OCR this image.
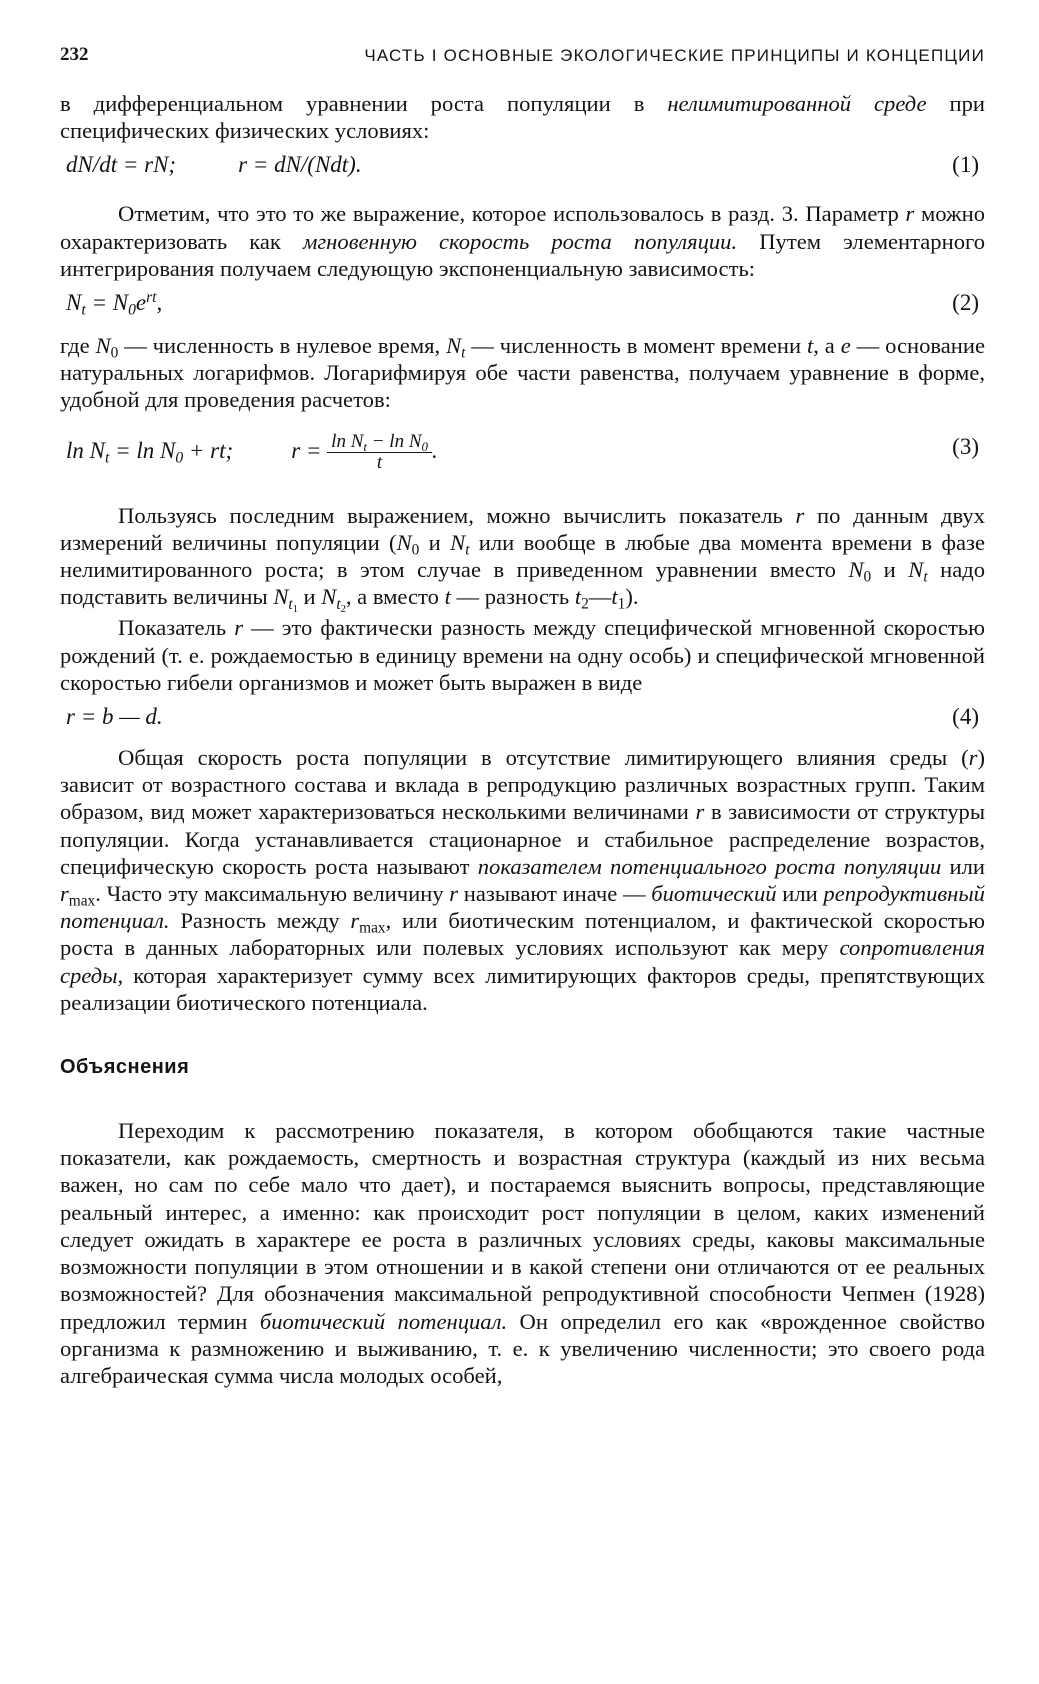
232	ЧАСТЬ I ОСНОВНЫЕ ЭКОЛОГИЧЕСКИЕ ПРИНЦИПЫ И КОНЦЕПЦИИ

в дифференциальном уравнении роста популяции в нелимитированной среде при специфических физических условиях:

dN/dt = rN;	r = dN/(Ndt).	(1)

Отметим, что это то же выражение, которое использовалось в разд. 3. Параметр r можно охарактеризовать как мгновенную скорость роста популяции. Путем элементарного интегрирования получаем следующую экспоненциальную зависимость:

$N_t = N_0e^{rt}$,	(2)

где $N_0$ — численность в нулевое время, $N_t$ — численность в момент времени t, а e — основание натуральных логарифмов. Логарифмируя обе части равенства, получаем уравнение в форме, удобной для проведения расчетов:

$\ln N_t = \ln N_0$ + rt;	$r = \frac{\ln N_t - \ln N_0}{t}$ .	(3)

Пользуясь последним выражением, можно вычислить показатель r по данным двух измерений величины популяции ($N_0$ и $N_t$ или вообще в любые два момента времени в фазе нелимитированного роста; в этом случае в приведенном уравнении вместо $N_0$ и $N_t$ надо подставить величины $N_{t_1}$ и $N_{t_2}$, а вместо t — разность $t_2—t_1$).

Показатель r — это фактически разность между специфической мгновенной скоростью рождений (т. е. рождаемостью в единицу времени на одну особь) и специфической мгновенной скоростью гибели организмов и может быть выражен в виде

r = b — d.	(4)

Общая скорость роста популяции в отсутствие лимитирующего влияния среды (r) зависит от возрастного состава и вклада в репродукцию различных возрастных групп. Таким образом, вид может характеризоваться несколькими величинами r в зависимости от структуры популяции. Когда устанавливается стационарное и стабильное распределение возрастов, специфическую скорость роста называют показателем потенциального роста популяции или $r_{max}$. Часто эту максимальную величину r называют иначе — биотический или репродуктивный потенциал. Разность между $r_{max}$, или биотическим потенциалом, и фактической скоростью роста в данных лабораторных или полевых условиях используют как меру сопротивления среды, которая характеризует сумму всех лимитирующих факторов среды, препятствующих реализации биотического потенциала.

Объяснения

Переходим к рассмотрению показателя, в котором обобщаются такие частные показатели, как рождаемость, смертность и возрастная структура (каждый из них весьма важен, но сам по себе мало что дает), и постараемся выяснить вопросы, представляющие реальный интерес, а именно: как происходит рост популяции в целом, каких изменений следует ожидать в характере ее роста в различных условиях среды, каковы максимальные возможности популяции в этом отношении и в какой степени они отличаются от ее реальных возможностей? Для обозначения максимальной репродуктивной способности Чепмен (1928) предложил термин биотический потенциал. Он определил его как «врожденное свойство организма к размножению и выживанию, т. е. к увеличению численности; это своего рода алгебраическая сумма числа молодых особей,
